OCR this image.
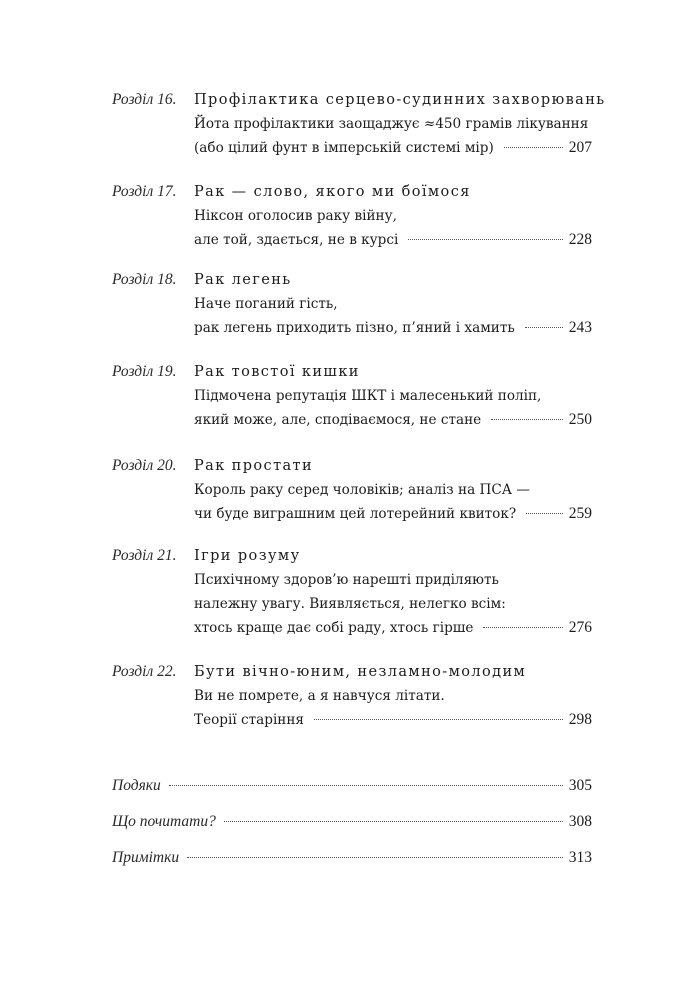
Розділ 16. Профілактика серцево-судинних захворювань
Йота профілактики заощаджує ≈450 грамів лікування
(або цілий фунт в імперській системі мір)	207
Розділ 17. Рак — слово, якого ми боїмося
Ніксон оголосив раку війну,
але той, здається, не в курсі	228
Розділ 18. Рак легень
Наче поганий гість,
рак легень приходить пізно, п’яний і хамить	243
Розділ 19. Рак товстої кишки
Підмочена репутація ШКТ і малесенький поліп,
який може, але, сподіваємося, не стане	250
Розділ 20. Рак простати
Король раку серед чоловіків; аналіз на ПСА —
чи буде виграшним цей лотерейний квиток?	259
Розділ 21. Ігри розуму
Психічному здоров’ю нарешті приділяють
належну увагу. Виявляється, нелегко всім:
хтось краще дає собі раду, хтось гірше	276
Розділ 22. Бути вічно-юним, незламно-молодим
Ви не помрете, а я навчуся літати.
Теорії старіння	298
Подяки	305
Що почитати?	308
Примітки	313
